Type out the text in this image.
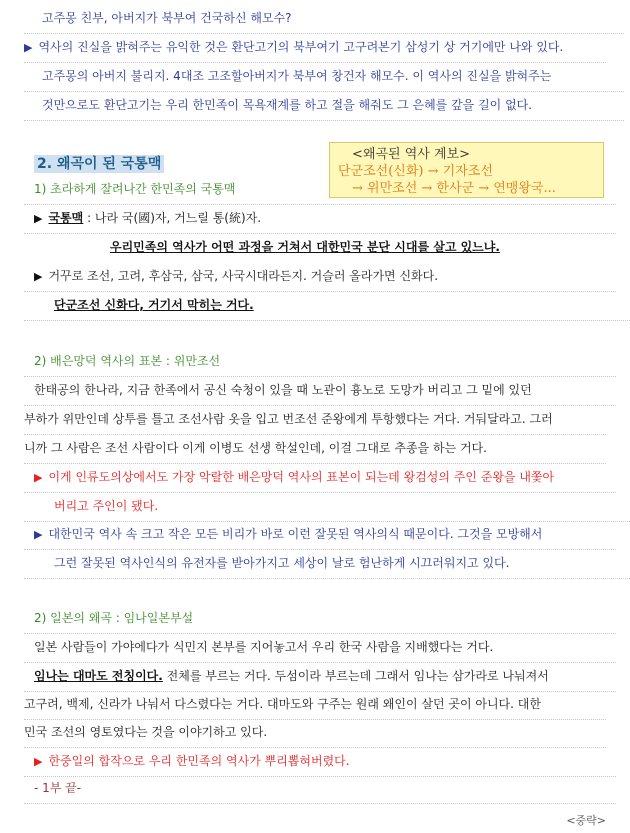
고주몽 친부, 아버지가 북부여 건국하신 해모수?
▶ 역사의 진실을 밝혀주는 유익한 것은 환단고기의 북부여기 고구려본기 삼성기 상 거기에만 나와 있다.
고주몽의 아버지 불리지. 4대조 고조할아버지가 북부여 창건자 해모수. 이 역사의 진실을 밝혀주는
것만으로도 환단고기는 우리 한민족이 목욕재계를 하고 절을 해줘도 그 은혜를 갚을 길이 없다.
2. 왜곡이 된 국통맥
<왜곡된 역사 계보>
단군조선(신화) → 기자조선
→ 위만조선 → 한사군 → 연맹왕국...
1) 초라하게 잘려나간 한민족의 국통맥
▶ 국통맥 : 나라 국(國)자, 거느릴 통(統)자.
우리민족의 역사가 어떤 과정을 거쳐서 대한민국 분단 시대를 살고 있느냐.
▶ 거꾸로 조선, 고려, 후삼국, 삼국, 사국시대라든지. 거슬러 올라가면 신화다.
단군조선 신화다, 거기서 막히는 거다.
2) 배은망덕 역사의 표본 : 위만조선
한태공의 한나라, 지금 한족에서 공신 숙청이 있을 때 노관이 흉노로 도망가 버리고 그 밑에 있던
부하가 위만인데 상투를 틀고 조선사람 옷을 입고 번조선 준왕에게 투항했다는 거다. 거둬달라고. 그러
니까 그 사람은 조선 사람이다 이게 이병도 선생 학설인데, 이걸 그대로 추종을 하는 거다.
▶ 이게 인류도의상에서도 가장 악랄한 배은망덕 역사의 표본이 되는데 왕검성의 주인 준왕을 내쫓아
버리고 주인이 됐다.
▶ 대한민국 역사 속 크고 작은 모든 비리가 바로 이런 잘못된 역사의식 때문이다. 그것을 모방해서
그런 잘못된 역사인식의 유전자를 받아가지고 세상이 날로 험난하게 시끄러워지고 있다.
2) 일본의 왜곡 : 임나일본부설
일본 사람들이 가야에다가 식민지 본부를 지어놓고서 우리 한국 사람을 지배했다는 거다.
임나는 대마도 전칭이다. 전체를 부르는 거다. 두섬이라 부르는데 그래서 임나는 삼가라로 나눠져서
고구려, 백제, 신라가 나눠서 다스렸다는 거다. 대마도와 구주는 원래 왜인이 살던 곳이 아니다. 대한
민국 조선의 영토였다는 것을 이야기하고 있다.
▶ 한중일의 합작으로 우리 한민족의 역사가 뿌리뽑혀버렸다.
- 1부 끝-
<중략>
